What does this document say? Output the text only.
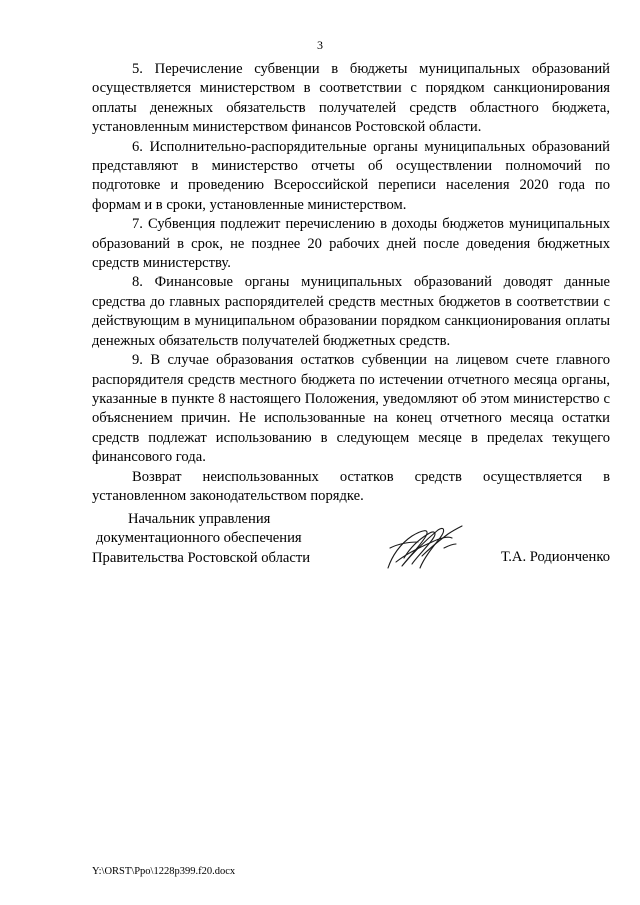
3

5. Перечисление субвенции в бюджеты муниципальных образований осуществляется министерством в соответствии с порядком санкционирования оплаты денежных обязательств получателей средств областного бюджета, установленным министерством финансов Ростовской области.

6. Исполнительно-распорядительные органы муниципальных образований представляют в министерство отчеты об осуществлении полномочий по подготовке и проведению Всероссийской переписи населения 2020 года по формам и в сроки, установленные министерством.

7. Субвенция подлежит перечислению в доходы бюджетов муниципальных образований в срок, не позднее 20 рабочих дней после доведения бюджетных средств министерству.

8. Финансовые органы муниципальных образований доводят данные средства до главных распорядителей средств местных бюджетов в соответствии с действующим в муниципальном образовании порядком санкционирования оплаты денежных обязательств получателей бюджетных средств.

9. В случае образования остатков субвенции на лицевом счете главного распорядителя средств местного бюджета по истечении отчетного месяца органы, указанные в пункте 8 настоящего Положения, уведомляют об этом министерство с объяснением причин. Не использованные на конец отчетного месяца остатки средств подлежат использованию в следующем месяце в пределах текущего финансового года.

Возврат неиспользованных остатков средств осуществляется в установленном законодательством порядке.

Начальник управления
документационного обеспечения
Правительства Ростовской области	Т.А. Родионченко
Y:\ORST\Ppo\1228p399.f20.docx
